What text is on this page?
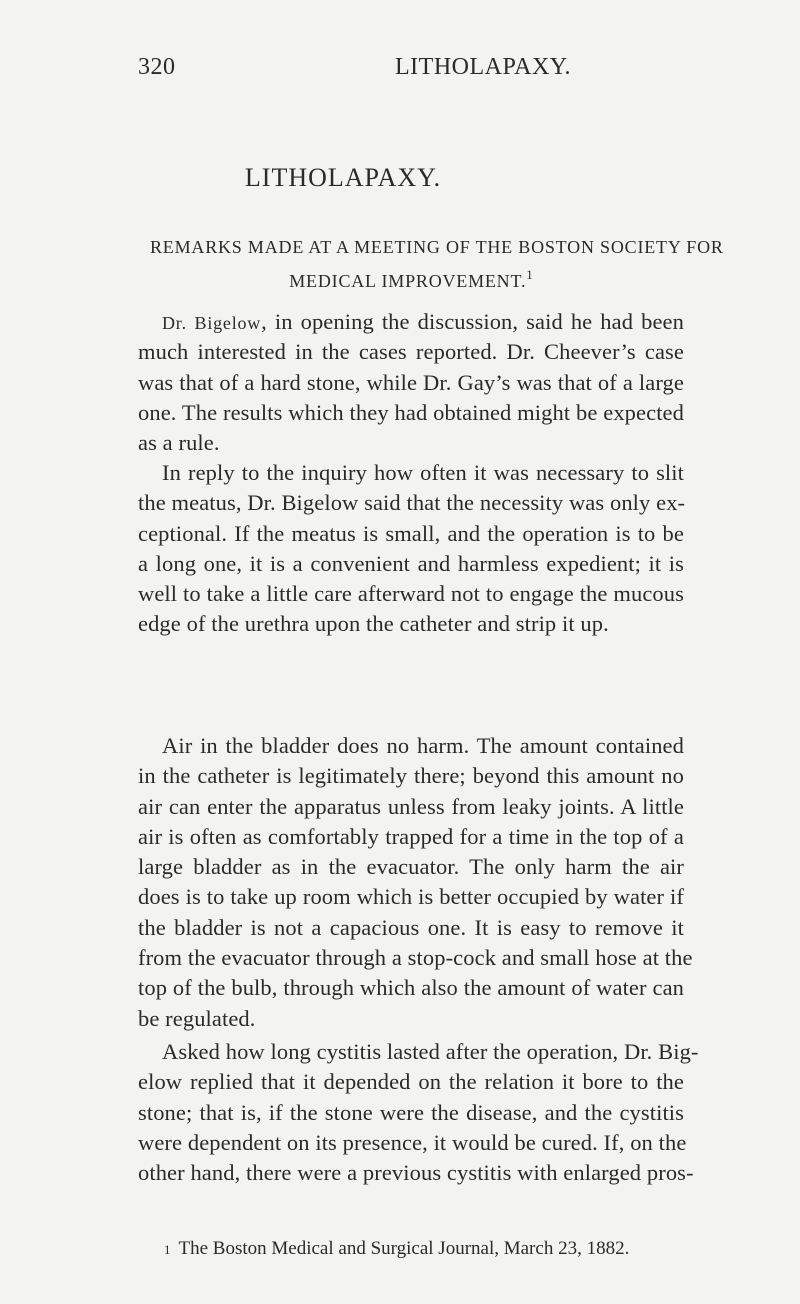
320	LITHOLAPAXY.
LITHOLAPAXY.
REMARKS MADE AT A MEETING OF THE BOSTON SOCIETY FOR
MEDICAL IMPROVEMENT.$^1$
Dr. Bigelow, in opening the discussion, said he had been
much interested in the cases reported. Dr. Cheever’s case
was that of a hard stone, while Dr. Gay’s was that of a large
one. The results which they had obtained might be expected
as a rule.
In reply to the inquiry how often it was necessary to slit
the meatus, Dr. Bigelow said that the necessity was only ex-
ceptional. If the meatus is small, and the operation is to be
a long one, it is a convenient and harmless expedient; it is
well to take a little care afterward not to engage the mucous
edge of the urethra upon the catheter and strip it up.
Air in the bladder does no harm. The amount contained
in the catheter is legitimately there; beyond this amount no
air can enter the apparatus unless from leaky joints. A little
air is often as comfortably trapped for a time in the top of a
large bladder as in the evacuator. The only harm the air
does is to take up room which is better occupied by water if
the bladder is not a capacious one. It is easy to remove it
from the evacuator through a stop-cock and small hose at the
top of the bulb, through which also the amount of water can
be regulated.
Asked how long cystitis lasted after the operation, Dr. Big-
elow replied that it depended on the relation it bore to the
stone; that is, if the stone were the disease, and the cystitis
were dependent on its presence, it would be cured. If, on the
other hand, there were a previous cystitis with enlarged pros-
1 The Boston Medical and Surgical Journal, March 23, 1882.
